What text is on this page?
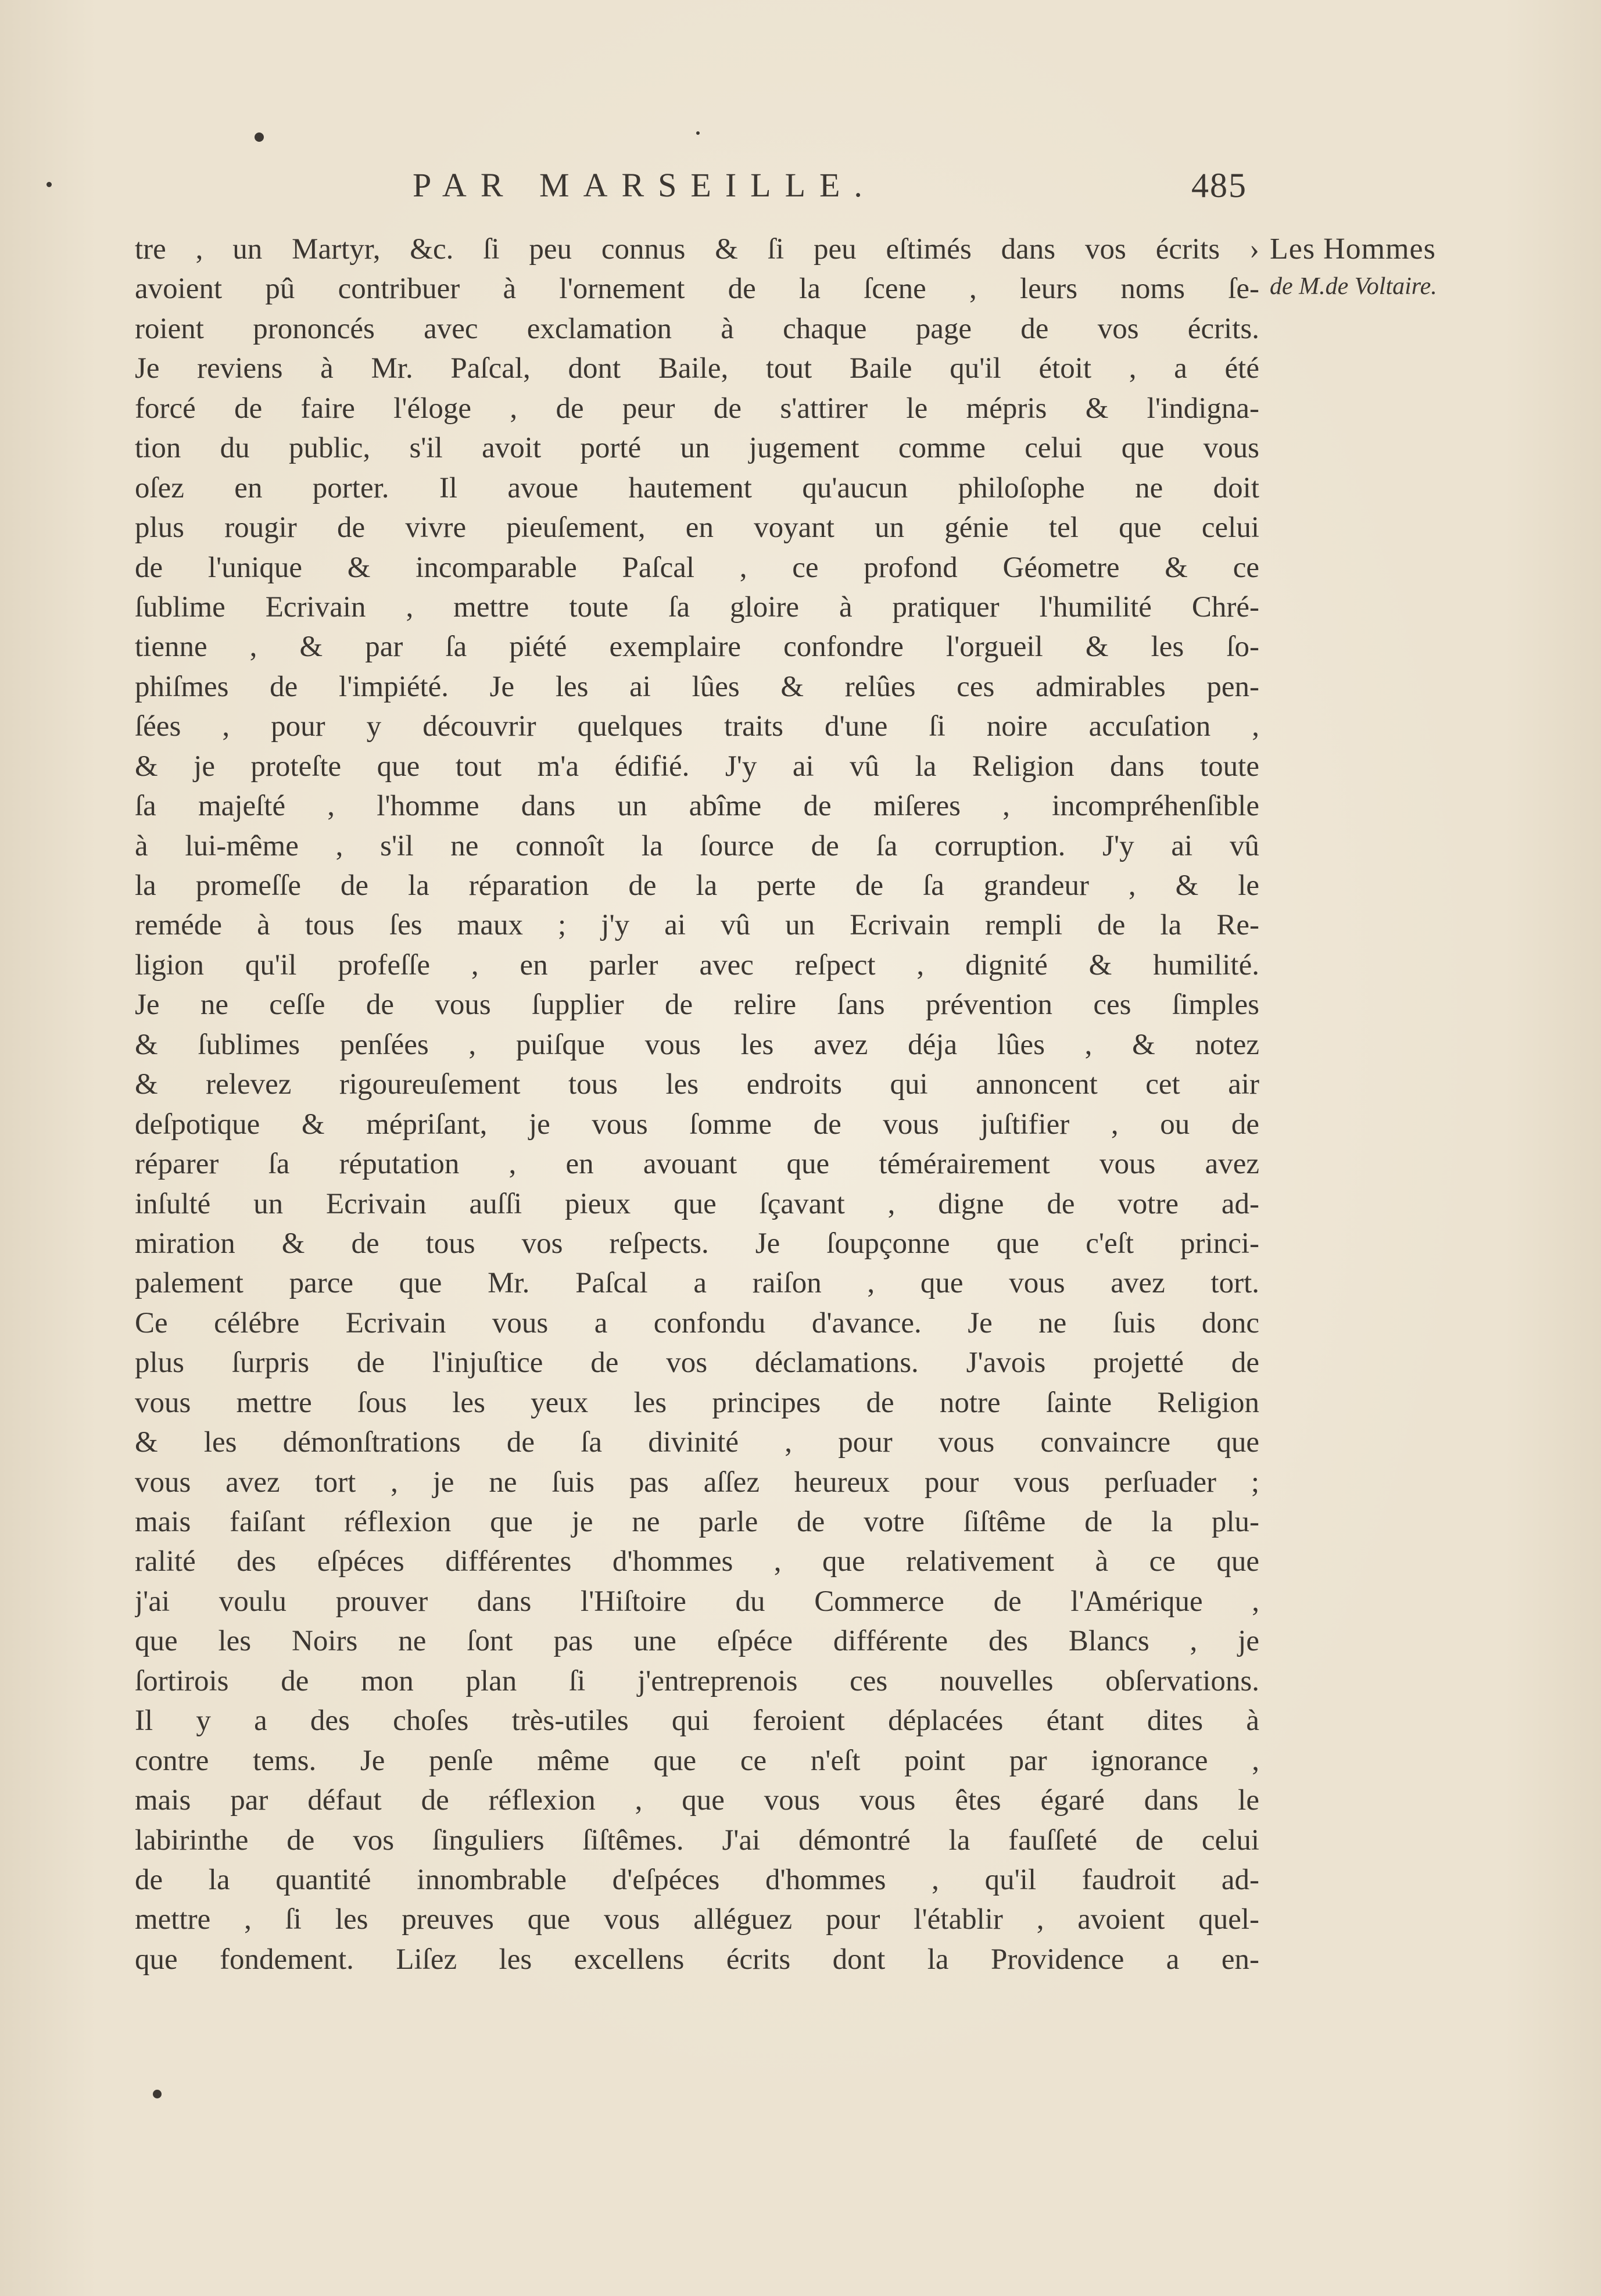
PAR MARSEILLE.	485
Les Hommes
de M.de Voltaire.
tre , un Martyr, &c. ſi peu connus & ſi peu eſtimés dans vos écrits ›
avoient pû contribuer à l'ornement de la ſcene , leurs noms ſe-
roient prononcés avec exclamation à chaque page de vos écrits.
Je reviens à Mr. Paſcal, dont Baile, tout Baile qu'il étoit , a été
forcé de faire l'éloge , de peur de s'attirer le mépris & l'indigna-
tion du public, s'il avoit porté un jugement comme celui que vous
oſez en porter. Il avoue hautement qu'aucun philoſophe ne doit
plus rougir de vivre pieuſement, en voyant un génie tel que celui
de l'unique & incomparable Paſcal , ce profond Géometre & ce
ſublime Ecrivain , mettre toute ſa gloire à pratiquer l'humilité Chré-
tienne , & par ſa piété exemplaire confondre l'orgueil & les ſo-
phiſmes de l'impiété. Je les ai lûes & relûes ces admirables pen-
ſées , pour y découvrir quelques traits d'une ſi noire accuſation ,
& je proteſte que tout m'a édifié. J'y ai vû la Religion dans toute
ſa majeſté , l'homme dans un abîme de miſeres , incompréhenſible
à lui-même , s'il ne connoît la ſource de ſa corruption. J'y ai vû
la promeſſe de la réparation de la perte de ſa grandeur , & le
reméde à tous ſes maux ; j'y ai vû un Ecrivain rempli de la Re-
ligion qu'il profeſſe , en parler avec reſpect , dignité & humilité.
Je ne ceſſe de vous ſupplier de relire ſans prévention ces ſimples
& ſublimes penſées , puiſque vous les avez déja lûes , & notez
& relevez rigoureuſement tous les endroits qui annoncent cet air
deſpotique & mépriſant, je vous ſomme de vous juſtifier , ou de
réparer ſa réputation , en avouant que témérairement vous avez
inſulté un Ecrivain auſſi pieux que ſçavant , digne de votre ad-
miration & de tous vos reſpects. Je ſoupçonne que c'eſt princi-
palement parce que Mr. Paſcal a raiſon , que vous avez tort.
Ce célébre Ecrivain vous a confondu d'avance. Je ne ſuis donc
plus ſurpris de l'injuſtice de vos déclamations. J'avois projetté de
vous mettre ſous les yeux les principes de notre ſainte Religion
& les démonſtrations de ſa divinité , pour vous convaincre que
vous avez tort , je ne ſuis pas aſſez heureux pour vous perſuader ;
mais faiſant réflexion que je ne parle de votre ſiſtême de la plu-
ralité des eſpéces différentes d'hommes , que relativement à ce que
j'ai voulu prouver dans l'Hiſtoire du Commerce de l'Amérique ,
que les Noirs ne ſont pas une eſpéce différente des Blancs , je
ſortirois de mon plan ſi j'entreprenois ces nouvelles obſervations.
Il y a des choſes très-utiles qui feroient déplacées étant dites à
contre tems. Je penſe même que ce n'eſt point par ignorance ,
mais par défaut de réflexion , que vous vous êtes égaré dans le
labirinthe de vos ſinguliers ſiſtêmes. J'ai démontré la fauſſeté de celui
de la quantité innombrable d'eſpéces d'hommes , qu'il faudroit ad-
mettre , ſi les preuves que vous alléguez pour l'établir , avoient quel-
que fondement. Liſez les excellens écrits dont la Providence a en-
